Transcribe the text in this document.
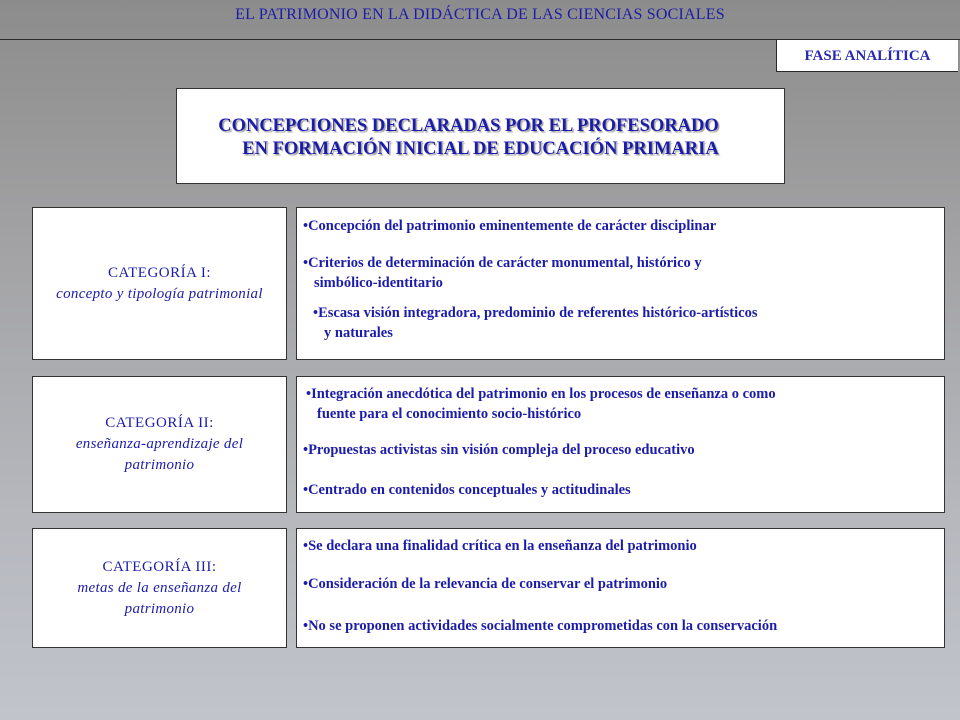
EL PATRIMONIO EN LA DIDÁCTICA DE LAS CIENCIAS SOCIALES
FASE ANALÍTICA
CONCEPCIONES DECLARADAS POR EL PROFESORADO
EN FORMACIÓN INICIAL DE EDUCACIÓN PRIMARIA
CATEGORÍA I:
concepto y tipología patrimonial
•Concepción del patrimonio eminentemente de carácter disciplinar
•Criterios de determinación de carácter monumental, histórico y
simbólico-identitario
•Escasa visión integradora, predominio de referentes histórico-artísticos
y naturales
CATEGORÍA II:
enseñanza-aprendizaje del
patrimonio
•Integración anecdótica del patrimonio en los procesos de enseñanza o como
fuente para el conocimiento socio-histórico
•Propuestas activistas sin visión compleja del proceso educativo
•Centrado en contenidos conceptuales y actitudinales
CATEGORÍA III:
metas de la enseñanza del
patrimonio
•Se declara una finalidad crítica en la enseñanza del patrimonio
•Consideración de la relevancia de conservar el patrimonio
•No se proponen actividades socialmente comprometidas con la conservación
